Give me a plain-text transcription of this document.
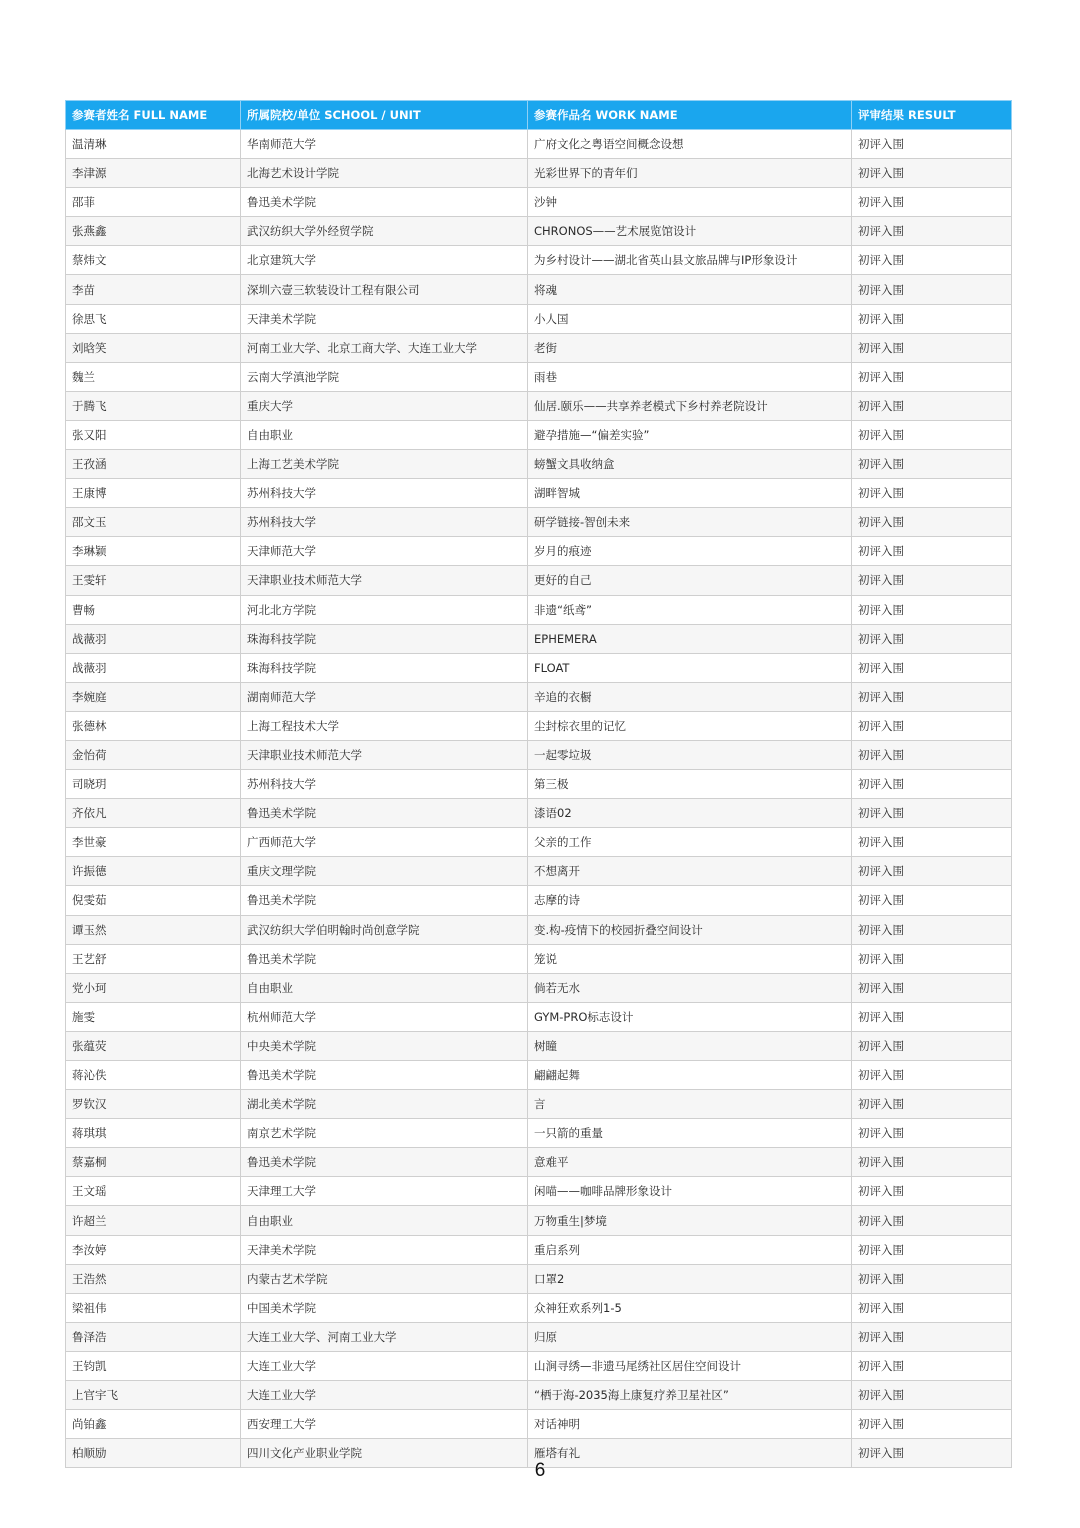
参赛者姓名 FULL NAME	所属院校/单位 SCHOOL / UNIT	参赛作品名 WORK NAME	评审结果 RESULT
温清琳	华南师范大学	广府文化之粤语空间概念设想	初评入围
李津源	北海艺术设计学院	光彩世界下的青年们	初评入围
邵菲	鲁迅美术学院	沙钟	初评入围
张燕鑫	武汉纺织大学外经贸学院	CHRONOS——艺术展览馆设计	初评入围
蔡炜文	北京建筑大学	为乡村设计——湖北省英山县文旅品牌与IP形象设计	初评入围
李苗	深圳六壹三软装设计工程有限公司	将魂	初评入围
徐思飞	天津美术学院	小人国	初评入围
刘晗笑	河南工业大学、北京工商大学、大连工业大学	老街	初评入围
魏兰	云南大学滇池学院	雨巷	初评入围
于腾飞	重庆大学	仙居.颐乐——共享养老模式下乡村养老院设计	初评入围
张又阳	自由职业	避孕措施—“偏差实验”	初评入围
王孜涵	上海工艺美术学院	螃蟹文具收纳盒	初评入围
王康博	苏州科技大学	湖畔智城	初评入围
邵文玉	苏州科技大学	研学链接-智创未来	初评入围
李琳颖	天津师范大学	岁月的痕迹	初评入围
王雯轩	天津职业技术师范大学	更好的自己	初评入围
曹畅	河北北方学院	非遗“纸鸢”	初评入围
战薇羽	珠海科技学院	EPHEMERA	初评入围
战薇羽	珠海科技学院	FLOAT	初评入围
李婉庭	湖南师范大学	辛追的衣橱	初评入围
张德林	上海工程技术大学	尘封棕衣里的记忆	初评入围
金怡荷	天津职业技术师范大学	一起零垃圾	初评入围
司晓玥	苏州科技大学	第三极	初评入围
齐依凡	鲁迅美术学院	漆语02	初评入围
李世豪	广西师范大学	父亲的工作	初评入围
许振德	重庆文理学院	不想离开	初评入围
倪雯茹	鲁迅美术学院	志摩的诗	初评入围
谭玉然	武汉纺织大学伯明翰时尚创意学院	变.构-疫情下的校园折叠空间设计	初评入围
王艺舒	鲁迅美术学院	笼说	初评入围
党小珂	自由职业	倘若无水	初评入围
施雯	杭州师范大学	GYM-PRO标志设计	初评入围
张蕴荧	中央美术学院	树瞳	初评入围
蒋沁佚	鲁迅美术学院	翩翩起舞	初评入围
罗钦汉	湖北美术学院	言	初评入围
蒋琪琪	南京艺术学院	一只箭的重量	初评入围
蔡嘉桐	鲁迅美术学院	意难平	初评入围
王文瑶	天津理工大学	闲喵——咖啡品牌形象设计	初评入围
许超兰	自由职业	万物重生|梦境	初评入围
李汝婷	天津美术学院	重启系列	初评入围
王浩然	内蒙古艺术学院	口罩2	初评入围
梁祖伟	中国美术学院	众神狂欢系列1-5	初评入围
鲁泽浩	大连工业大学、河南工业大学	归原	初评入围
王钧凯	大连工业大学	山涧寻绣—非遗马尾绣社区居住空间设计	初评入围
上官宇飞	大连工业大学	“栖于海-2035海上康复疗养卫星社区”	初评入围
尚铂鑫	西安理工大学	对话神明	初评入围
柏顺励	四川文化产业职业学院	雁塔有礼	初评入围
6
